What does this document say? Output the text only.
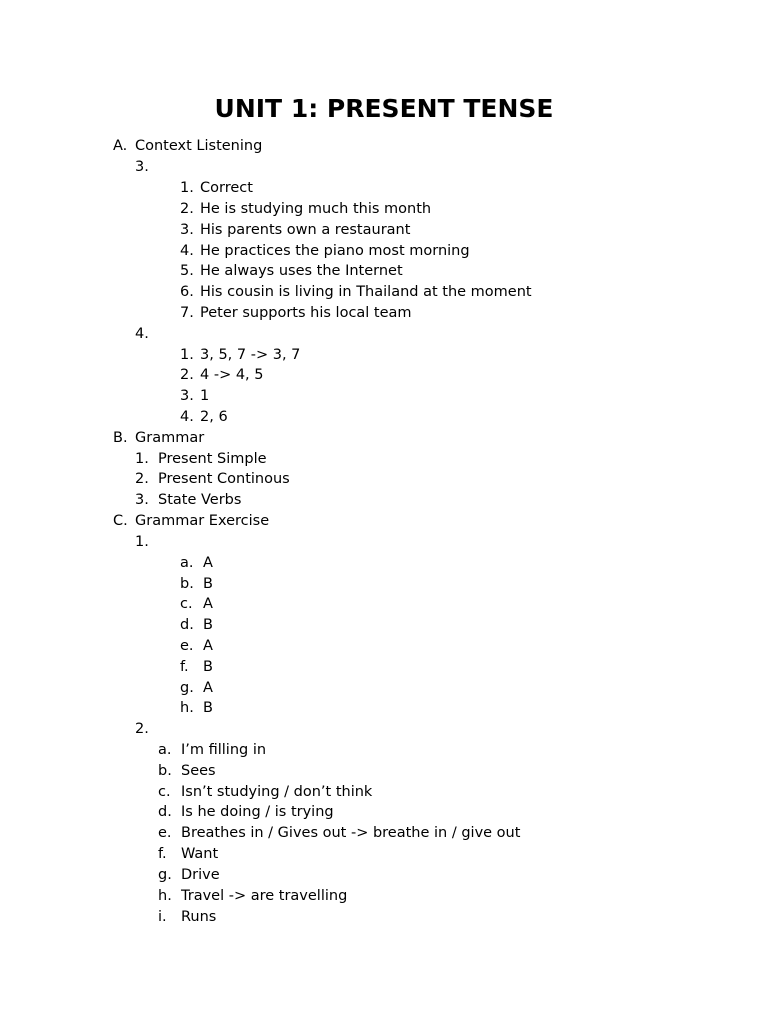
UNIT 1: PRESENT TENSE
A. Context Listening
3.
1. Correct
2. He is studying much this month
3. His parents own a restaurant
4. He practices the piano most morning
5. He always uses the Internet
6. His cousin is living in Thailand at the moment
7. Peter supports his local team
4.
1. 3, 5, 7 -> 3, 7
2. 4 -> 4, 5
3. 1
4. 2, 6
B. Grammar
1. Present Simple
2. Present Continous
3. State Verbs
C. Grammar Exercise
1.
a. A
b. B
c. A
d. B
e. A
f. B
g. A
h. B
2.
a. I’m filling in
b. Sees
c. Isn’t studying / don’t think
d. Is he doing / is trying
e. Breathes in / Gives out -> breathe in / give out
f. Want
g. Drive
h. Travel -> are travelling
i. Runs
